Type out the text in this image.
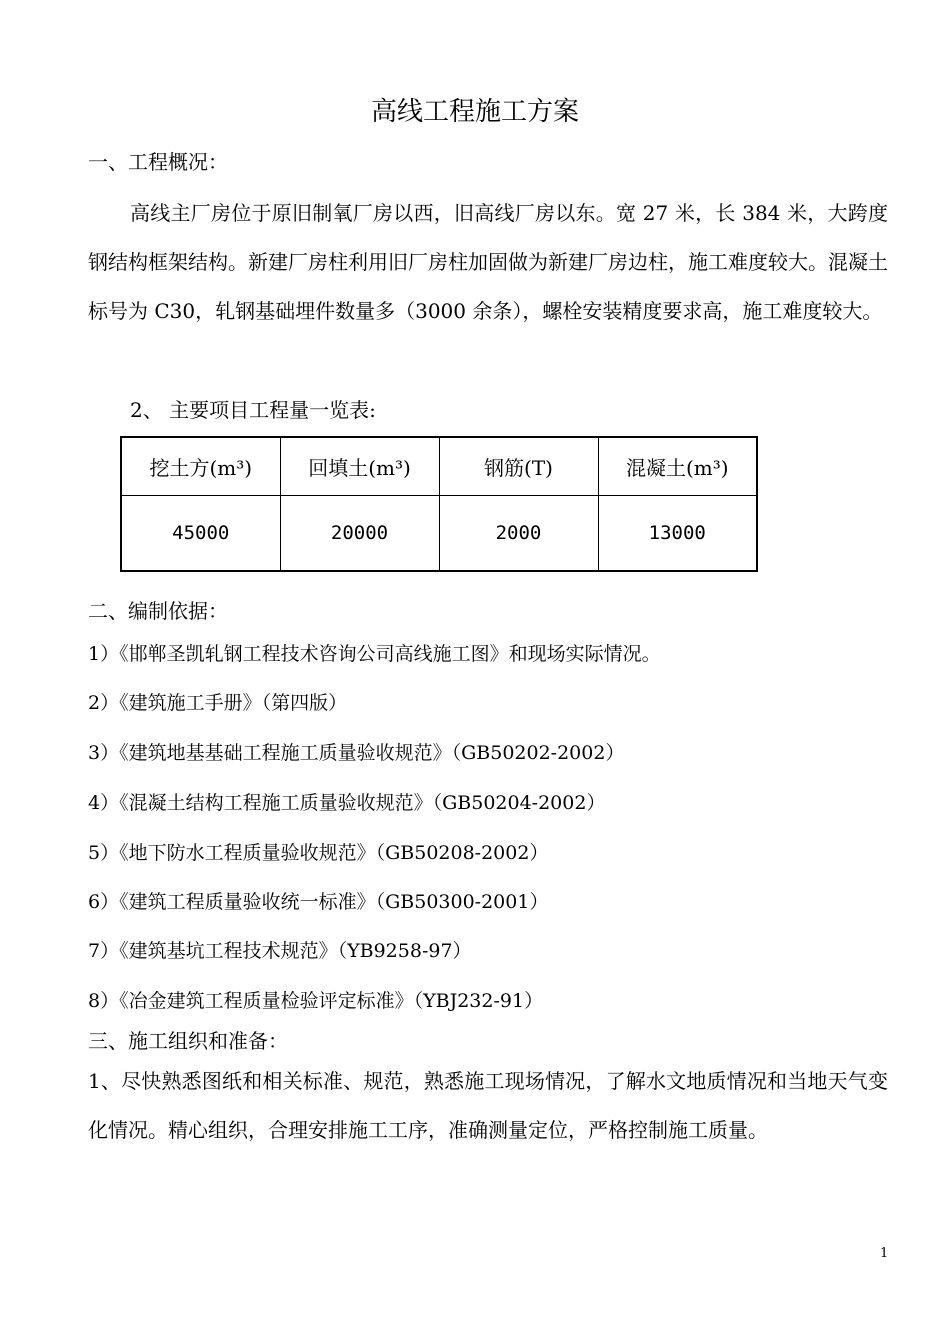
高线工程施工方案
一、工程概况：
高线主厂房位于原旧制氧厂房以西，旧高线厂房以东。宽 27 米，长 384 米，大跨度钢结构框架结构。新建厂房柱利用旧厂房柱加固做为新建厂房边柱，施工难度较大。混凝土标号为 C30，轧钢基础埋件数量多（3000 余条），螺栓安装精度要求高，施工难度较大。
2、 主要项目工程量一览表:
挖土方(m³)	回填土(m³)	钢筋(T)	混凝土(m³)
45000	20000	2000	13000
二、编制依据：
1）《邯郸圣凯轧钢工程技术咨询公司高线施工图》和现场实际情况。
2）《建筑施工手册》（第四版）
3）《建筑地基基础工程施工质量验收规范》（GB50202-2002）
4）《混凝土结构工程施工质量验收规范》（GB50204-2002）
5）《地下防水工程质量验收规范》（GB50208-2002）
6）《建筑工程质量验收统一标准》（GB50300-2001）
7）《建筑基坑工程技术规范》（YB9258-97）
8）《冶金建筑工程质量检验评定标准》（YBJ232-91）
三、施工组织和准备：
1、尽快熟悉图纸和相关标准、规范，熟悉施工现场情况，了解水文地质情况和当地天气变化情况。精心组织，合理安排施工工序，准确测量定位，严格控制施工质量。
1
